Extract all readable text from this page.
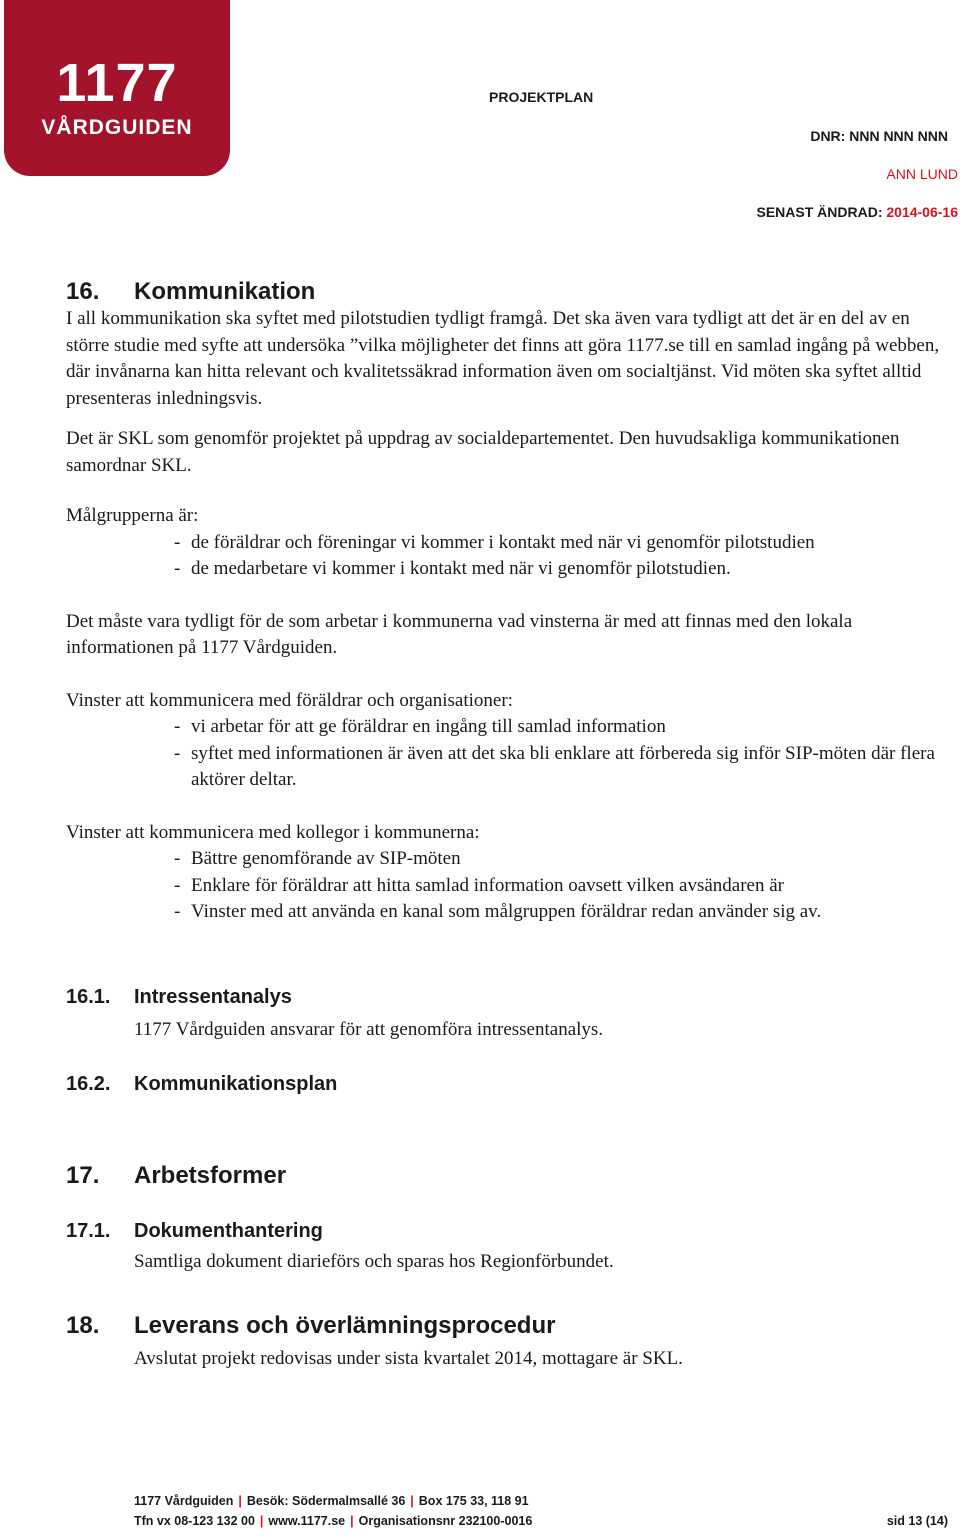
1177
VÅRDGUIDEN
PROJEKTPLAN
DNR: NNN NNN NNN
ANN LUND
SENAST ÄNDRAD: 2014-06-16
16.	Kommunikation

I all kommunikation ska syftet med pilotstudien tydligt framgå. Det ska även vara tydligt att det är en del av en större studie med syfte att undersöka ”vilka möjligheter det finns att göra 1177.se till en samlad ingång på webben, där invånarna kan hitta relevant och kvalitetssäkrad information även om socialtjänst. Vid möten ska syftet alltid presenteras inledningsvis.

Det är SKL som genomför projektet på uppdrag av socialdepartementet. Den huvudsakliga kommunikationen samordnar SKL.

Målgrupperna är:

- de föräldrar och föreningar vi kommer i kontakt med när vi genomför pilotstudien
- de medarbetare vi kommer i kontakt med när vi genomför pilotstudien.

Det måste vara tydligt för de som arbetar i kommunerna vad vinsterna är med att finnas med den lokala informationen på 1177 Vårdguiden.

Vinster att kommunicera med föräldrar och organisationer:

- vi arbetar för att ge föräldrar en ingång till samlad information
- syftet med informationen är även att det ska bli enklare att förbereda sig inför SIP-möten där flera aktörer deltar.

Vinster att kommunicera med kollegor i kommunerna:

- Bättre genomförande av SIP-möten
- Enklare för föräldrar att hitta samlad information oavsett vilken avsändaren är
- Vinster med att använda en kanal som målgruppen föräldrar redan använder sig av.
16.1.	Intressentanalys

1177 Vårdguiden ansvarar för att genomföra intressentanalys.

16.2.	Kommunikationsplan
17.	Arbetsformer
17.1.	Dokumenthantering

Samtliga dokument diarieförs och sparas hos Regionförbundet.

18.	Leverans och överlämningsprocedur

Avslutat projekt redovisas under sista kvartalet 2014, mottagare är SKL.

1177 Vårdguiden | Besök: Södermalmsallé 36 | Box 175 33, 118 91
Tfn vx 08-123 132 00 | www.1177.se | Organisationsnr 232100-0016	sid 13 (14)
